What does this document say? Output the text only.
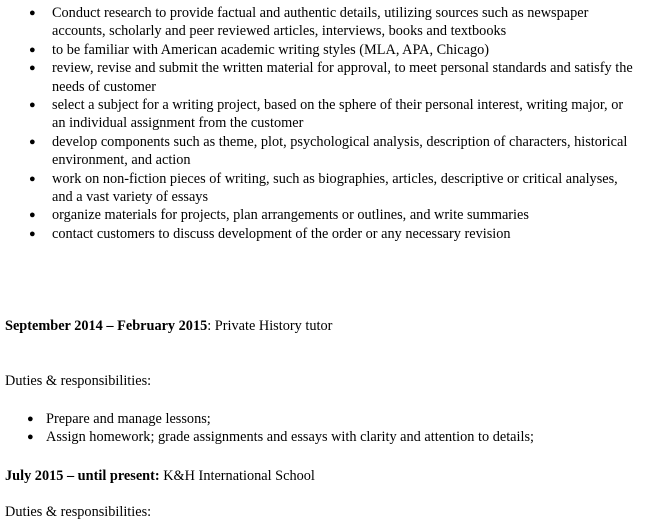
● Conduct research to provide factual and authentic details, utilizing sources such as newspaper accounts, scholarly and peer reviewed articles, interviews, books and textbooks
● to be familiar with American academic writing styles (MLA, APA, Chicago)
● review, revise and submit the written material for approval, to meet personal standards and satisfy the needs of customer
● select a subject for a writing project, based on the sphere of their personal interest, writing major, or an individual assignment from the customer
● develop components such as theme, plot, psychological analysis, description of characters, historical environment, and action
● work on non-fiction pieces of writing, such as biographies, articles, descriptive or critical analyses, and a vast variety of essays
● organize materials for projects, plan arrangements or outlines, and write summaries
● contact customers to discuss development of the order or any necessary revision

September 2014 – February 2015: Private History tutor

Duties & responsibilities:

● Prepare and manage lessons;
● Assign homework; grade assignments and essays with clarity and attention to details;

July 2015 – until present: K&H International School

Duties & responsibilities:
